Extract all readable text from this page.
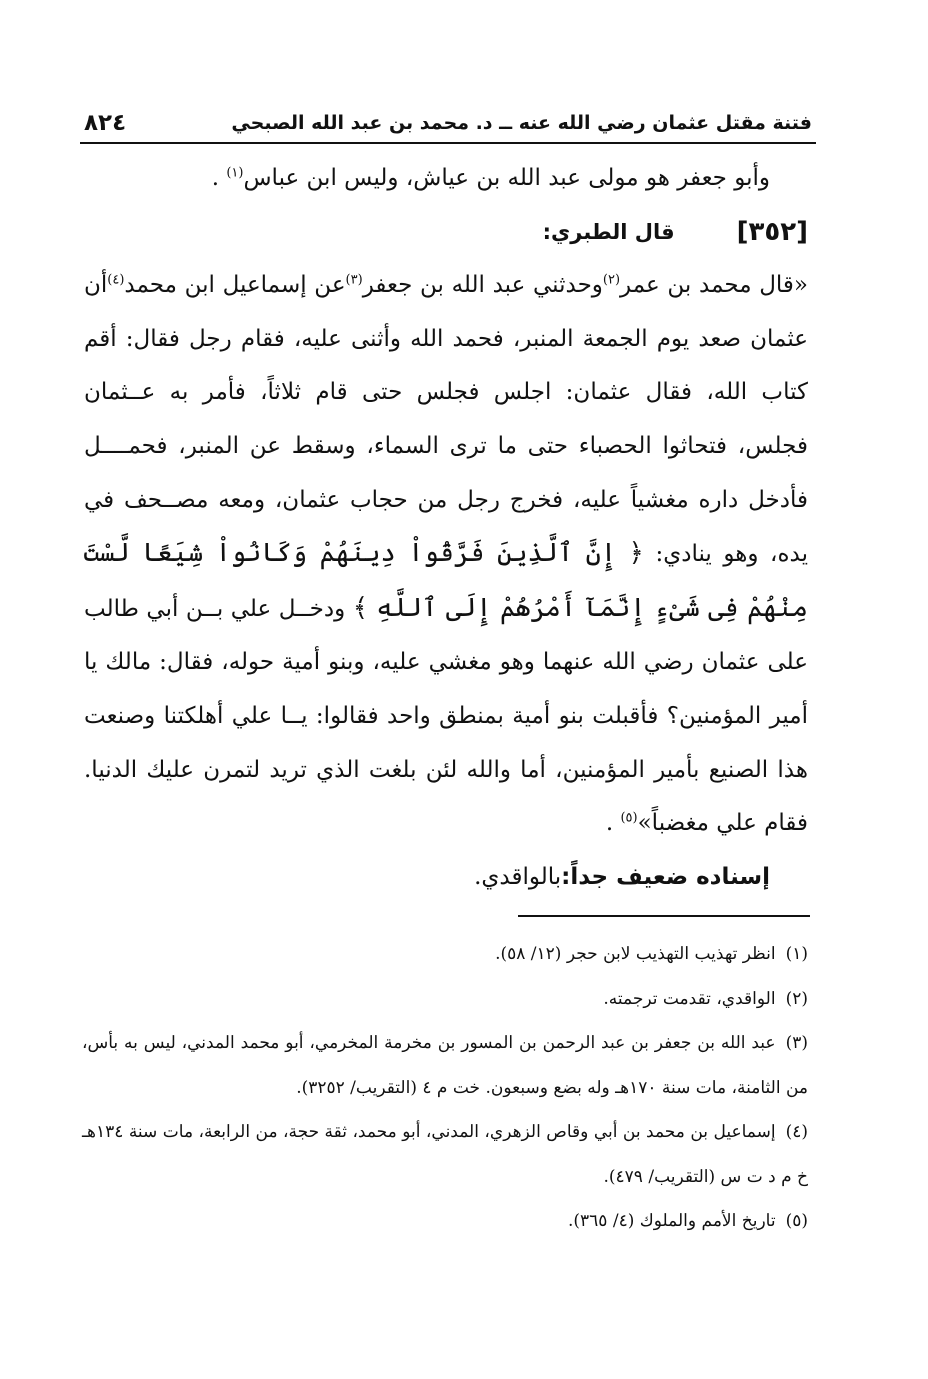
فتنة مقتل عثمان رضي الله عنه ــ د. محمد بن عبد الله الصبحي
٨٢٤

وأبو جعفر هو مولى عبد الله بن عياش، وليس ابن عباس$^{(١)}$ .

[٣٥٢]
قال الطبري:

«قال محمد بن عمر$^{(٢)}$وحدثني عبد الله بن جعفر$^{(٣)}$عن إسماعيل ابن محمد$^{(٤)}$أن عثمان صعد يوم الجمعة المنبر، فحمد الله وأثنى عليه، فقام رجل فقال: أقم كتاب الله، فقال عثمان: اجلس فجلس حتى قام ثلاثاً، فأمر به عــثمان فجلس، فتحاثوا الحصباء حتى ما ترى السماء، وسقط عن المنبر، فحمــــل فأدخل داره مغشياً عليه، فخرج رجل من حجاب عثمان، ومعه مصــحف في يده، وهو ينادي: ﴿ إِنَّ ٱلَّذِينَ فَرَّقُواْ دِينَهُمْ وَكَانُواْ شِيَعًا لَّسْتَ مِنْهُمْ فِى شَىْءٍ إِنَّمَآ أَمْرُهُمْ إِلَى ٱللَّهِ ﴾ ودخــل علي بــن أبي طالب على عثمان رضي الله عنهما وهو مغشي عليه، وبنو أمية حوله، فقال: مالك يا أمير المؤمنين؟ فأقبلت بنو أمية بمنطق واحد فقالوا: يــا علي أهلكتنا وصنعت هذا الصنيع بأمير المؤمنين، أما والله لئن بلغت الذي تريد لتمرن عليك الدنيا. فقام علي مغضباً»$^{(٥)}$ .

إسناده ضعيف جداً:بالواقدي.

(١)انظر تهذيب التهذيب لابن حجر (١٢/ ٥٨).

(٢)الواقدي، تقدمت ترجمته.

(٣)عبد الله بن جعفر بن عبد الرحمن بن المسور بن مخرمة المخرمي، أبو محمد المدني، ليس به بأس، من الثامنة، مات سنة ١٧٠هـ وله بضع وسبعون. خت م ٤ (التقريب/ ٣٢٥٢).

(٤)إسماعيل بن محمد بن أبي وقاص الزهري، المدني، أبو محمد، ثقة حجة، من الرابعة، مات سنة ١٣٤هـ خ م د ت س (التقريب/ ٤٧٩).

(٥)تاريخ الأمم والملوك (٤/ ٣٦٥).
